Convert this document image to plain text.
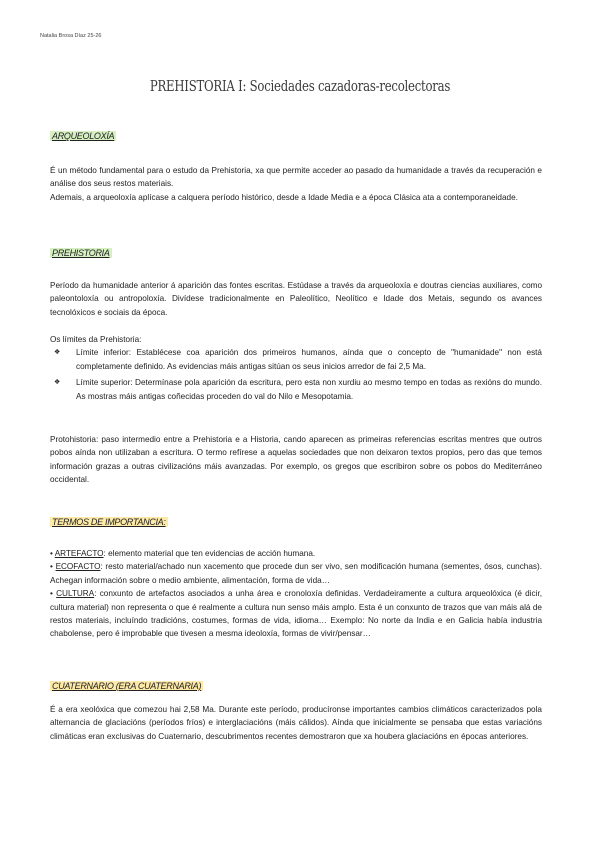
Natalia Brosa Díaz 25-26
PREHISTORIA I: Sociedades cazadoras-recolectoras
ARQUEOLOXÍA

É un método fundamental para o estudo da Prehistoria, xa que permite acceder ao pasado da humanidade a través da recuperación e análise dos seus restos materiais.

Ademais, a arqueoloxía aplícase a calquera período histórico, desde a Idade Media e a época Clásica ata a contemporaneidade.

PREHISTORIA
Período da humanidade anterior á aparición das fontes escritas. Estúdase a través da arqueoloxía e doutras ciencias auxiliares, como paleontoloxía ou antropoloxía. Divídese tradicionalmente en Paleolítico, Neolítico e Idade dos Metais, segundo os avances tecnolóxicos e sociais da época.

Os límites da Prehistoria:

❖	Límite inferior: Establécese coa aparición dos primeiros humanos, aínda que o concepto de "humanidade" non está completamente definido. As evidencias máis antigas sitúan os seus inicios arredor de fai 2,5 Ma.
❖	Límite superior: Determínase pola aparición da escritura, pero esta non xurdiu ao mesmo tempo en todas as rexións do mundo. As mostras máis antigas coñecidas proceden do val do Nilo e Mesopotamia.
Protohistoria: paso intermedio entre a Prehistoria e a Historia, cando aparecen as primeiras referencias escritas mentres que outros pobos aínda non utilizaban a escritura. O termo refírese a aquelas sociedades que non deixaron textos propios, pero das que temos información grazas a outras civilizacións máis avanzadas. Por exemplo, os gregos que escribiron sobre os pobos do Mediterráneo occidental.
TERMOS DE IMPORTANCIA:

• ARTEFACTO: elemento material que ten evidencias de acción humana.

• ECOFACTO: resto material/achado nun xacemento que procede dun ser vivo, sen modificación humana (sementes, ósos, cunchas). Achegan información sobre o medio ambiente, alimentación, forma de vida…

• CULTURA: conxunto de artefactos asociados a unha área e cronoloxía definidas. Verdadeiramente a cultura arqueolóxica (é dicir, cultura material) non representa o que é realmente a cultura nun senso máis amplo. Esta é un conxunto de trazos que van máis alá de restos materiais, incluíndo tradicións, costumes, formas de vida, idioma… Exemplo: No norte da India e en Galicia había industria chabolense, pero é improbable que tivesen a mesma ideoloxía, formas de vivir/pensar…

CUATERNARIO (ERA CUATERNARIA)
É a era xeolóxica que comezou hai 2,58 Ma. Durante este período, producíronse importantes cambios climáticos caracterizados pola alternancia de glaciacións (períodos fríos) e interglaciacións (máis cálidos). Aínda que inicialmente se pensaba que estas variacións climáticas eran exclusivas do Cuaternario, descubrimentos recentes demostraron que xa houbera glaciacións en épocas anteriores.
